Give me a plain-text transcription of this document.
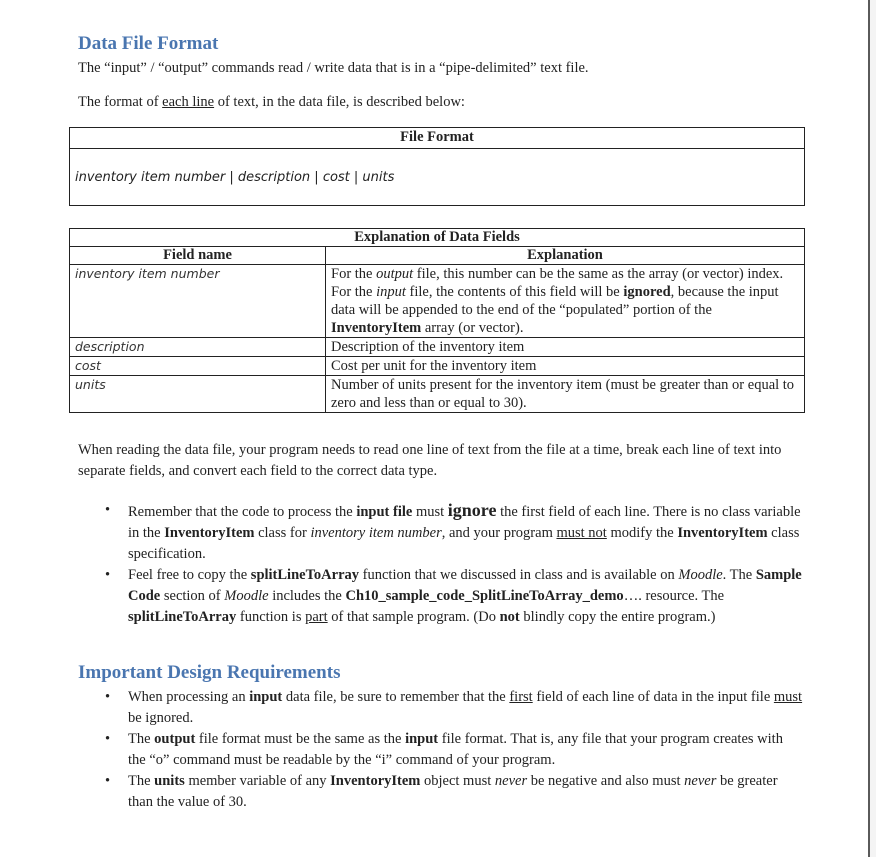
Data File Format

The “input” / “output” commands read / write data that is in a “pipe-delimited” text file.

The format of each line of text, in the data file, is described below:

File Format
inventory item number | description | cost | units
Explanation of Data Fields	
Field name	Explanation
inventory item number	For the output file, this number can be the same as the array (or vector) index.
For the input file, the contents of this field will be ignored, because the input data will be appended to the end of the “populated” portion of the InventoryItem array (or vector).

description	Description of the inventory item
cost	Cost per unit for the inventory item
units	Number of units present for the inventory item (must be greater than or equal to zero and less than or equal to 30).

When reading the data file, your program needs to read one line of text from the file at a time, break each line of text into separate fields, and convert each field to the correct data type.

• Remember that the code to process the input file must ignore the first field of each line. There is no class variable in the InventoryItem class for inventory item number, and your program must not modify the InventoryItem class specification.
• Feel free to copy the splitLineToArray function that we discussed in class and is available on Moodle. The Sample Code section of Moodle includes the Ch10_sample_code_SplitLineToArray_demo…. resource. The splitLineToArray function is part of that sample program. (Do not blindly copy the entire program.)
Important Design Requirements
• When processing an input data file, be sure to remember that the first field of each line of data in the input file must be ignored.
• The output file format must be the same as the input file format. That is, any file that your program creates with the “o” command must be readable by the “i” command of your program.
• The units member variable of any InventoryItem object must never be negative and also must never be greater than the value of 30.
